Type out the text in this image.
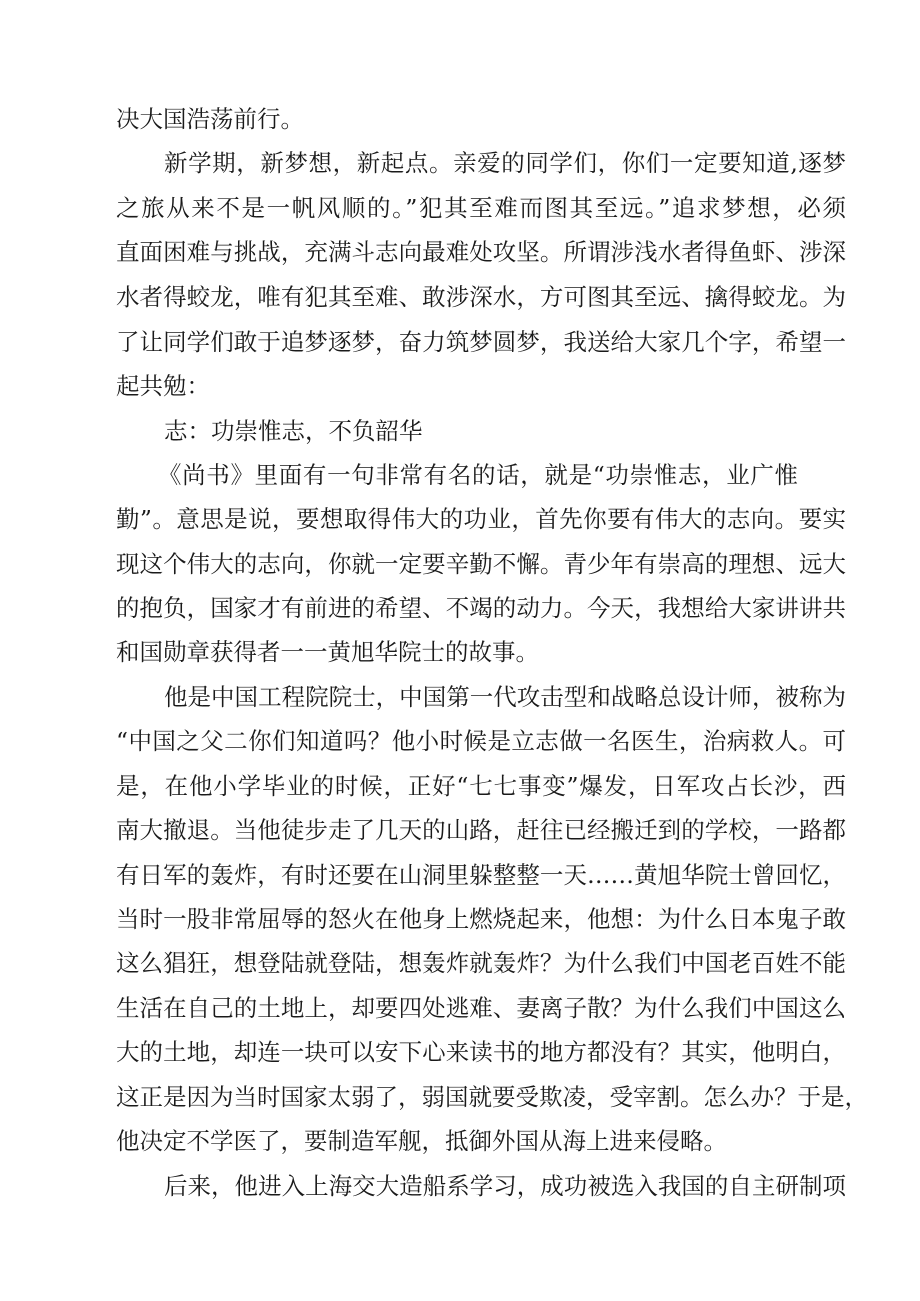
决大国浩荡前行。
新学期，新梦想，新起点。亲爱的同学们，你们一定要知道,逐梦
之旅从来不是一帆风顺的。”犯其至难而图其至远。”追求梦想，必须
直面困难与挑战，充满斗志向最难处攻坚。所谓涉浅水者得鱼虾、涉深
水者得蛟龙，唯有犯其至难、敢涉深水，方可图其至远、擒得蛟龙。为
了让同学们敢于追梦逐梦，奋力筑梦圆梦，我送给大家几个字，希望一
起共勉：
志：功崇惟志，不负韶华
《尚书》里面有一句非常有名的话，就是“功崇惟志，业广惟
勤”。意思是说，要想取得伟大的功业，首先你要有伟大的志向。要实
现这个伟大的志向，你就一定要辛勤不懈。青少年有崇高的理想、远大
的抱负，国家才有前进的希望、不竭的动力。今天，我想给大家讲讲共
和国勋章获得者一一黄旭华院士的故事。
他是中国工程院院士，中国第一代攻击型和战略总设计师，被称为
“中国之父二你们知道吗？他小时候是立志做一名医生，治病救人。可
是，在他小学毕业的时候，正好“七七事变”爆发，日军攻占长沙，西
南大撤退。当他徒步走了几天的山路，赶往已经搬迁到的学校，一路都
有日军的轰炸，有时还要在山洞里躲整整一天……黄旭华院士曾回忆，
当时一股非常屈辱的怒火在他身上燃烧起来，他想：为什么日本鬼子敢
这么猖狂，想登陆就登陆，想轰炸就轰炸？为什么我们中国老百姓不能
生活在自己的土地上，却要四处逃难、妻离子散？为什么我们中国这么
大的土地，却连一块可以安下心来读书的地方都没有？其实，他明白，
这正是因为当时国家太弱了，弱国就要受欺凌，受宰割。怎么办？于是，
他决定不学医了，要制造军舰，抵御外国从海上进来侵略。
后来，他进入上海交大造船系学习，成功被选入我国的自主研制项
